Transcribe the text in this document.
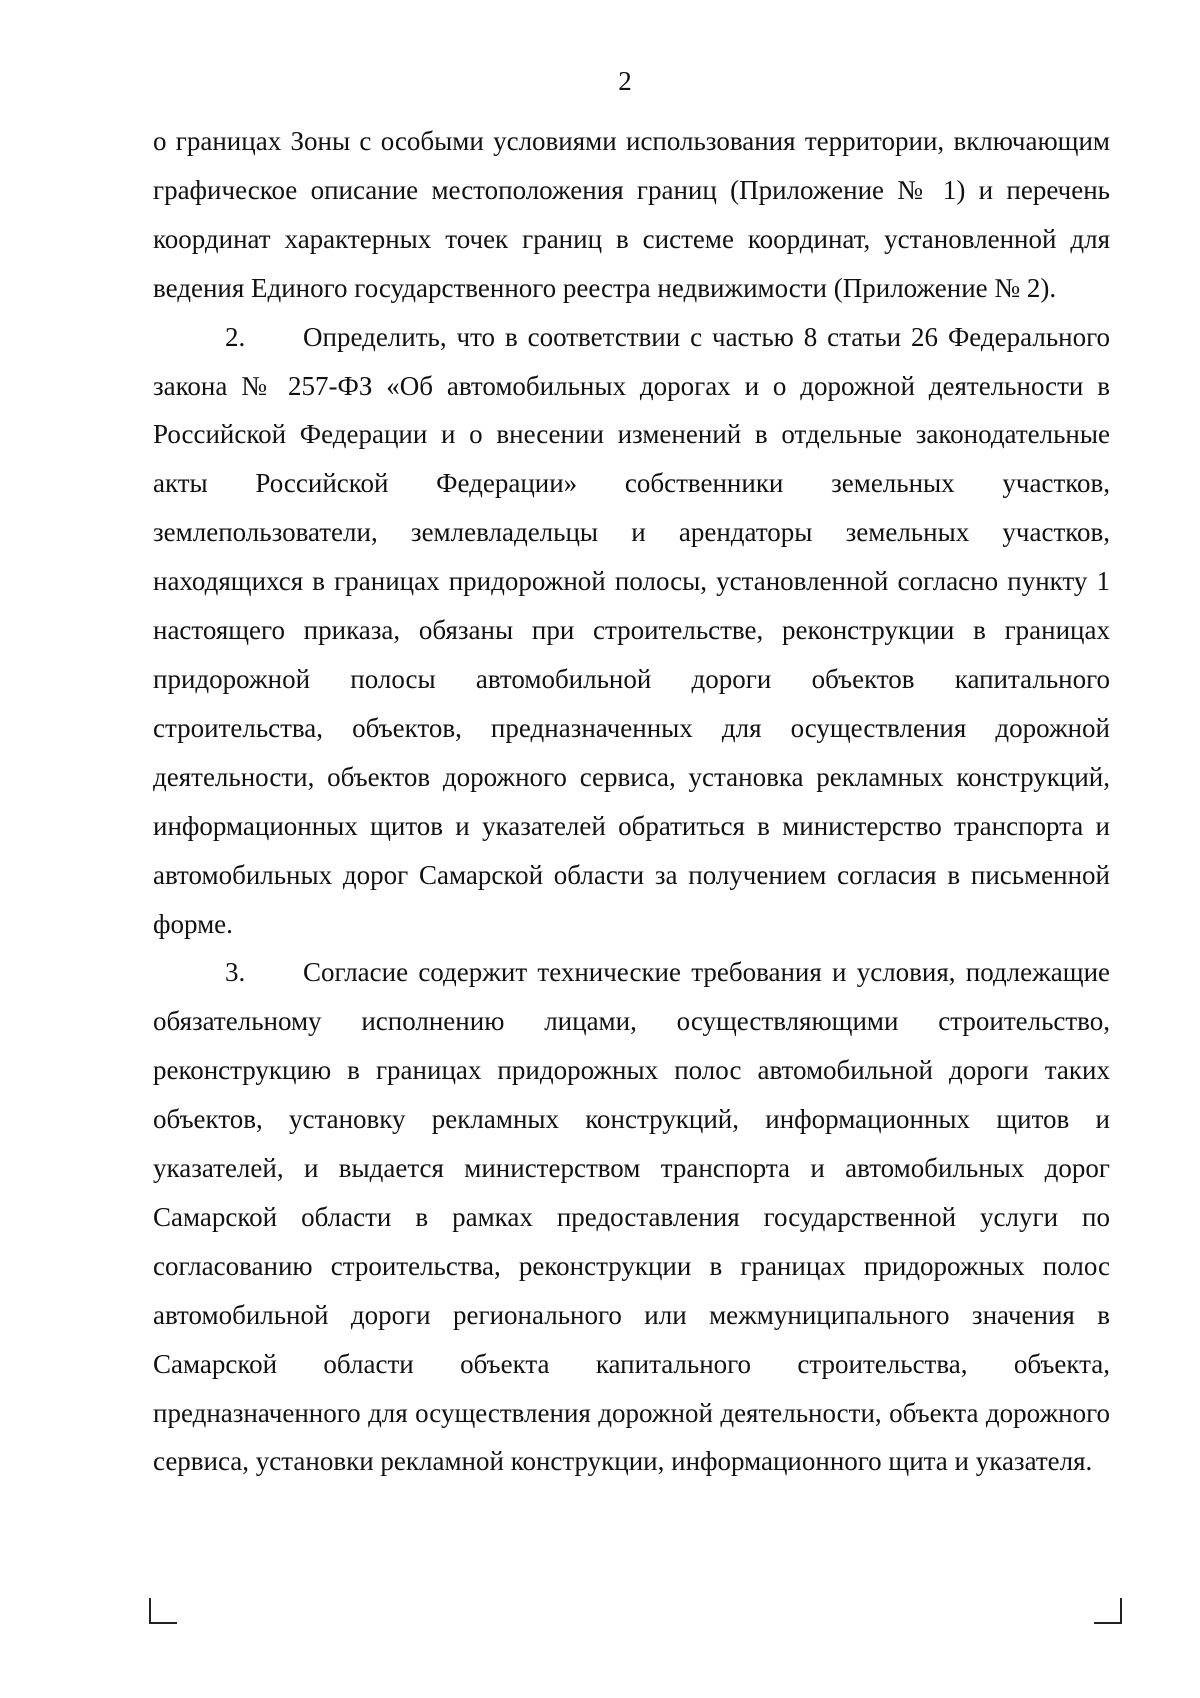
2

о границах Зоны с особыми условиями использования территории, включающим графическое описание местоположения границ (Приложение № 1) и перечень координат характерных точек границ в системе координат, установленной для ведения Единого государственного реестра недвижимости (Приложение № 2).

2. Определить, что в соответствии с частью 8 статьи 26 Федерального закона № 257-ФЗ «Об автомобильных дорогах и о дорожной деятельности в Российской Федерации и о внесении изменений в отдельные законодательные акты Российской Федерации» собственники земельных участков, землепользователи, землевладельцы и арендаторы земельных участков, находящихся в границах придорожной полосы, установленной согласно пункту 1 настоящего приказа, обязаны при строительстве, реконструкции в границах придорожной полосы автомобильной дороги объектов капитального строительства, объектов, предназначенных для осуществления дорожной деятельности, объектов дорожного сервиса, установка рекламных конструкций, информационных щитов и указателей обратиться в министерство транспорта и автомобильных дорог Самарской области за получением согласия в письменной форме.

3. Согласие содержит технические требования и условия, подлежащие обязательному исполнению лицами, осуществляющими строительство, реконструкцию в границах придорожных полос автомобильной дороги таких объектов, установку рекламных конструкций, информационных щитов и указателей, и выдается министерством транспорта и автомобильных дорог Самарской области в рамках предоставления государственной услуги по согласованию строительства, реконструкции в границах придорожных полос автомобильной дороги регионального или межмуниципального значения в Самарской области объекта капитального строительства, объекта, предназначенного для осуществления дорожной деятельности, объекта дорожного сервиса, установки рекламной конструкции, информационного щита и указателя.
